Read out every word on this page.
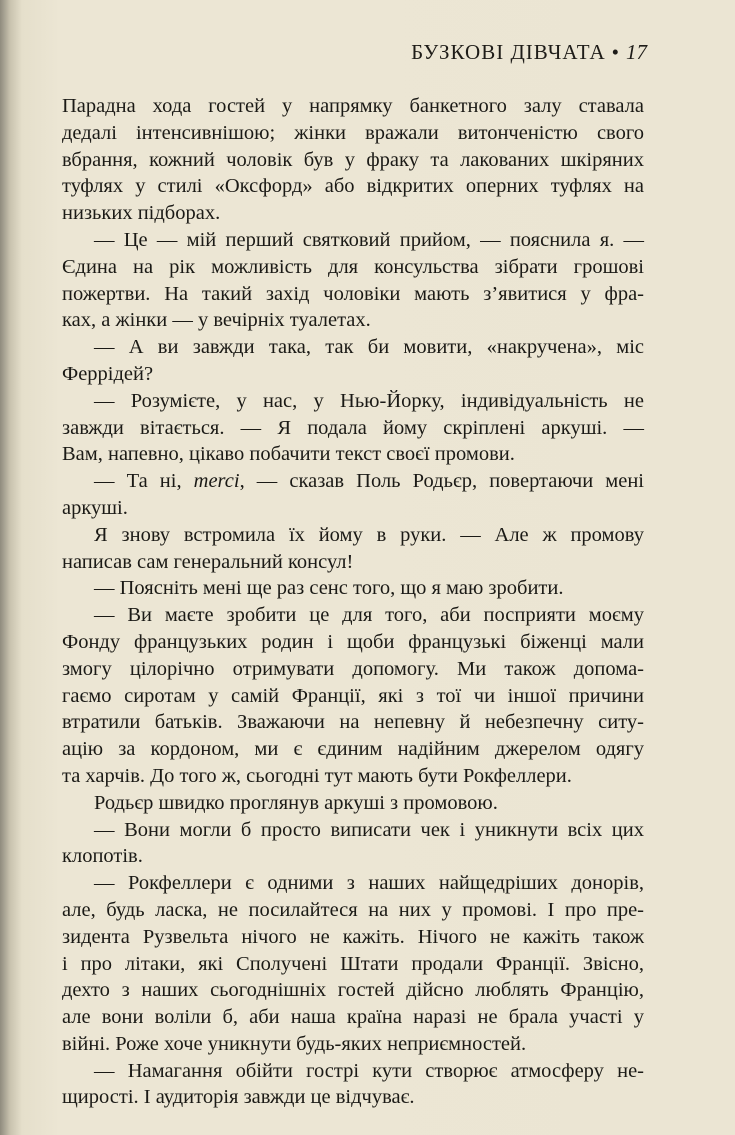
БУЗКОВІ ДІВЧАТА • 17

Парадна хода гостей у напрямку банкетного залу ставала

дедалі інтенсивнішою; жінки вражали витонченістю свого

вбрання, кожний чоловік був у фраку та лакованих шкіряних

туфлях у стилі «Оксфорд» або відкритих оперних туфлях на

низьких підборах.

— Це — мій перший святковий прийом, — пояснила я. —

Єдина на рік можливість для консульства зібрати грошові

пожертви. На такий захід чоловіки мають з’явитися у фра-

ках, а жінки — у вечірніх туалетах.

— А ви завжди така, так би мовити, «накручена», міс

Феррідей?

— Розумієте, у нас, у Нью-Йорку, індивідуальність не

завжди вітається. — Я подала йому скріплені аркуші. —

Вам, напевно, цікаво побачити текст своєї промови.

— Та ні, mercі, — сказав Поль Родьєр, повертаючи мені

аркуші.

Я знову встромила їх йому в руки. — Але ж промову

написав сам генеральний консул!

— Поясніть мені ще раз сенс того, що я маю зробити.

— Ви маєте зробити це для того, аби посприяти моєму

Фонду французьких родин і щоби французькі біженці мали

змогу цілорічно отримувати допомогу. Ми також допома-

гаємо сиротам у самій Франції, які з тої чи іншої причини

втратили батьків. Зважаючи на непевну й небезпечну ситу-

ацію за кордоном, ми є єдиним надійним джерелом одягу

та харчів. До того ж, сьогодні тут мають бути Рокфеллери.

Родьєр швидко проглянув аркуші з промовою.

— Вони могли б просто виписати чек і уникнути всіх цих

клопотів.

— Рокфеллери є одними з наших найщедріших донорів,

але, будь ласка, не посилайтеся на них у промові. І про пре-

зидента Рузвельта нічого не кажіть. Нічого не кажіть також

і про літаки, які Сполучені Штати продали Франції. Звісно,

дехто з наших сьогоднішніх гостей дійсно люблять Францію,

але вони воліли б, аби наша країна наразі не брала участі у

війні. Роже хоче уникнути будь-яких неприємностей.

— Намагання обійти гострі кути створює атмосферу не-

щирості. І аудиторія завжди це відчуває.
